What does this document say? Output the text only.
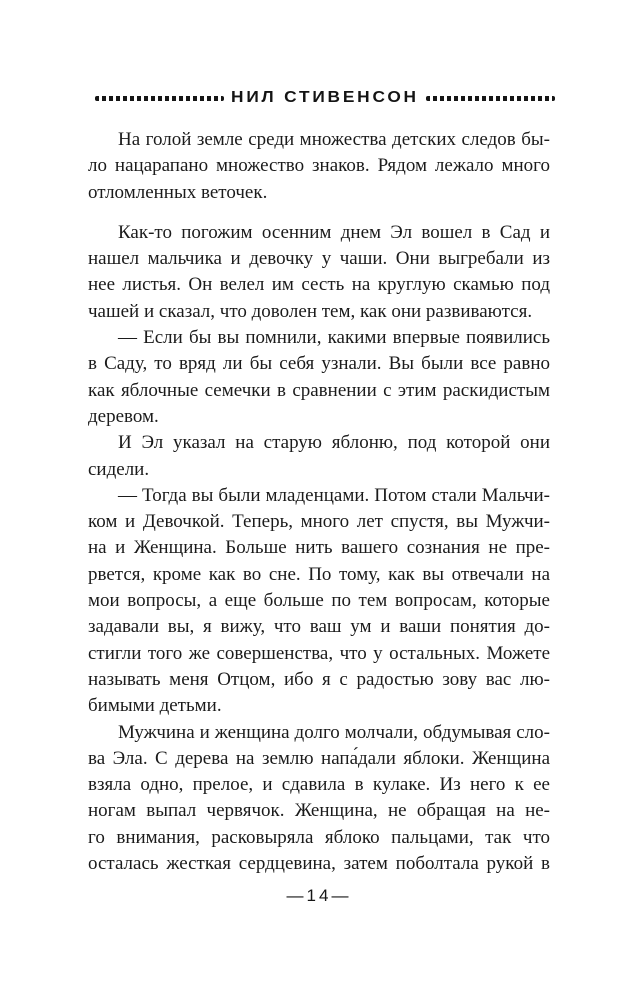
НИЛ СТИВЕНСОН
На голой земле среди множества детских следов бы-
ло нацарапано множество знаков. Рядом лежало много
отломленных веточек.
Как-то погожим осенним днем Эл вошел в Сад и
нашел мальчика и девочку у чаши. Они выгребали из
нее листья. Он велел им сесть на круглую скамью под
чашей и сказал, что доволен тем, как они развиваются.
— Если бы вы помнили, какими впервые появились
в Саду, то вряд ли бы себя узнали. Вы были все равно
как яблочные семечки в сравнении с этим раскидистым
деревом.
И Эл указал на старую яблоню, под которой они
сидели.
— Тогда вы были младенцами. Потом стали Мальчи-
ком и Девочкой. Теперь, много лет спустя, вы Мужчи-
на и Женщина. Больше нить вашего сознания не пре-
рвется, кроме как во сне. По тому, как вы отвечали на
мои вопросы, а еще больше по тем вопросам, которые
задавали вы, я вижу, что ваш ум и ваши понятия до-
стигли того же совершенства, что у остальных. Можете
называть меня Отцом, ибо я с радостью зову вас лю-
бимыми детьми.
Мужчина и женщина долго молчали, обдумывая сло-
ва Эла. С дерева на землю напа́дали яблоки. Женщина
взяла одно, прелое, и сдавила в кулаке. Из него к ее
ногам выпал червячок. Женщина, не обращая на не-
го внимания, расковыряла яблоко пальцами, так что
осталась жесткая сердцевина, затем поболтала рукой в
—14—
